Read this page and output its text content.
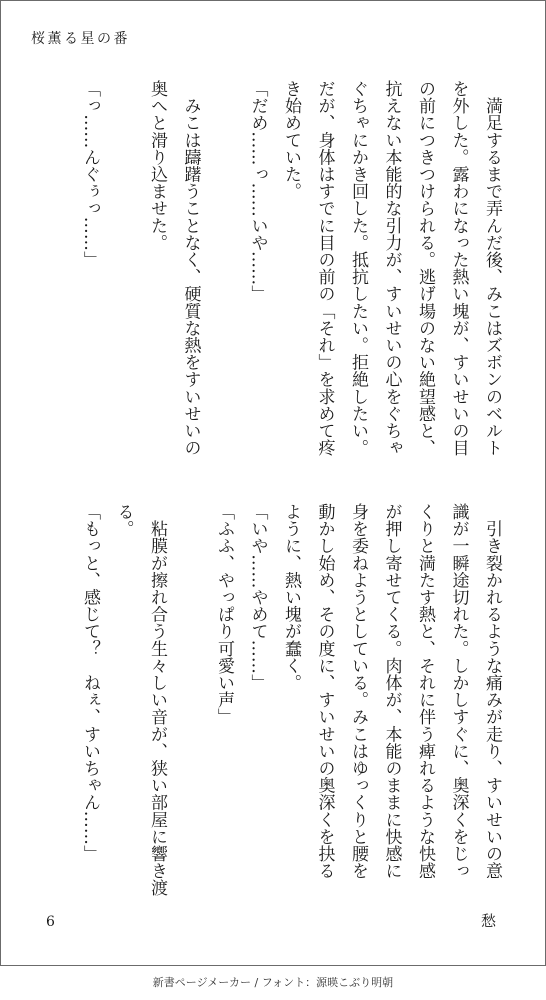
桜薫る星の番
　満足するまで弄んだ後、みこはズボンのベルト
を外した。露わになった熱い塊が、すいせいの目
の前につきつけられる。逃げ場のない絶望感と、
抗えない本能的な引力が、すいせいの心をぐちゃ
ぐちゃにかき回した。抵抗したい。拒絶したい。
だが、身体はすでに目の前の「それ」を求めて疼
き始めていた。
「だめ……っ……いや……」
　みこは躊躇うことなく、硬質な熱をすいせいの
奥へと滑り込ませた。
「っ……んぐぅっ……」
　引き裂かれるような痛みが走り、すいせいの意
識が一瞬途切れた。しかしすぐに、奥深くをじっ
くりと満たす熱と、それに伴う痺れるような快感
が押し寄せてくる。肉体が、本能のままに快感に
身を委ねようとしている。みこはゆっくりと腰を
動かし始め、その度に、すいせいの奥深くを抉る
ように、熱い塊が蠢く。
「いや……やめて……」
「ふふ、やっぱり可愛い声」
　粘膜が擦れ合う生々しい音が、狭い部屋に響き渡
る。
「もっと、感じて？　ねぇ、すいちゃん……」
6	愁
新書ページメーカー / フォント：源暎こぶり明朝
